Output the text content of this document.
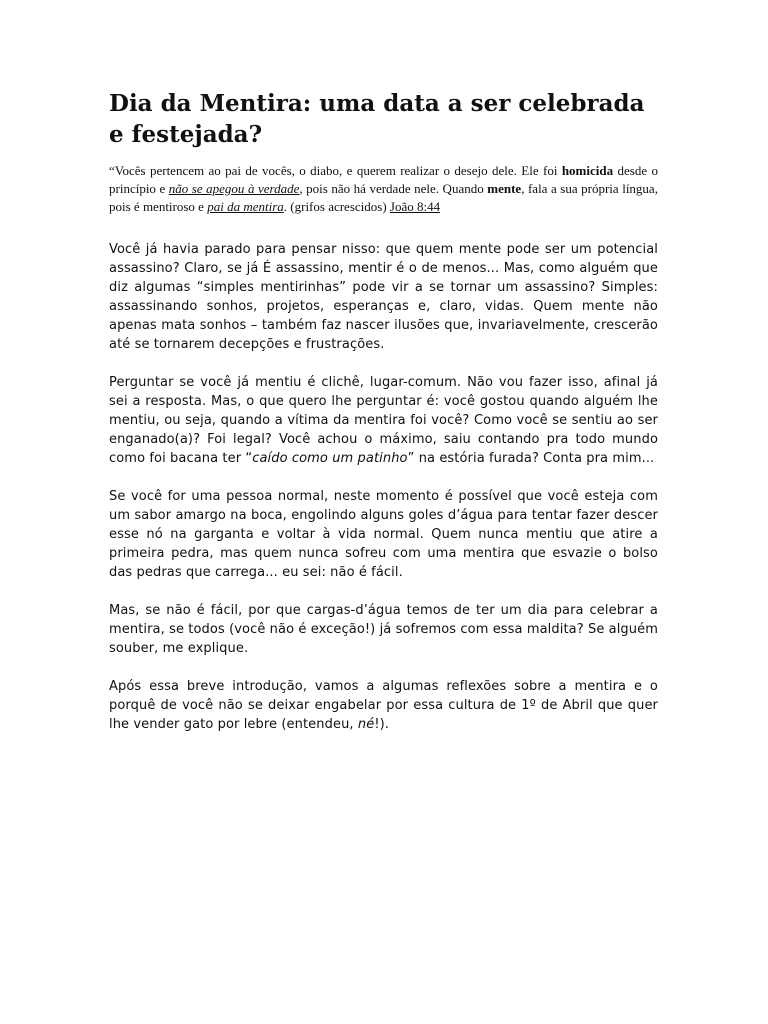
Dia da Mentira: uma data a ser celebrada e festejada?

“Vocês pertencem ao pai de vocês, o diabo, e querem realizar o desejo dele. Ele foi homicida desde o princípio e não se apegou à verdade, pois não há verdade nele. Quando mente, fala a sua própria língua, pois é mentiroso e pai da mentira. (grifos acrescidos) João 8:44

Você já havia parado para pensar nisso: que quem mente pode ser um potencial assassino? Claro, se já É assassino, mentir é o de menos... Mas, como alguém que diz algumas “simples mentirinhas” pode vir a se tornar um assassino? Simples: assassinando sonhos, projetos, esperanças e, claro, vidas. Quem mente não apenas mata sonhos – também faz nascer ilusões que, invariavelmente, crescerão até se tornarem decepções e frustrações.

Perguntar se você já mentiu é clichê, lugar-comum. Não vou fazer isso, afinal já sei a resposta. Mas, o que quero lhe perguntar é: você gostou quando alguém lhe mentiu, ou seja, quando a vítima da mentira foi você? Como você se sentiu ao ser enganado(a)? Foi legal? Você achou o máximo, saiu contando pra todo mundo como foi bacana ter “caído como um patinho” na estória furada? Conta pra mim...

Se você for uma pessoa normal, neste momento é possível que você esteja com um sabor amargo na boca, engolindo alguns goles d’água para tentar fazer descer esse nó na garganta e voltar à vida normal. Quem nunca mentiu que atire a primeira pedra, mas quem nunca sofreu com uma mentira que esvazie o bolso das pedras que carrega... eu sei: não é fácil.

Mas, se não é fácil, por que cargas-d’água temos de ter um dia para celebrar a mentira, se todos (você não é exceção!) já sofremos com essa maldita? Se alguém souber, me explique.

Após essa breve introdução, vamos a algumas reflexões sobre a mentira e o porquê de você não se deixar engabelar por essa cultura de 1º de Abril que quer lhe vender gato por lebre (entendeu, né!).
